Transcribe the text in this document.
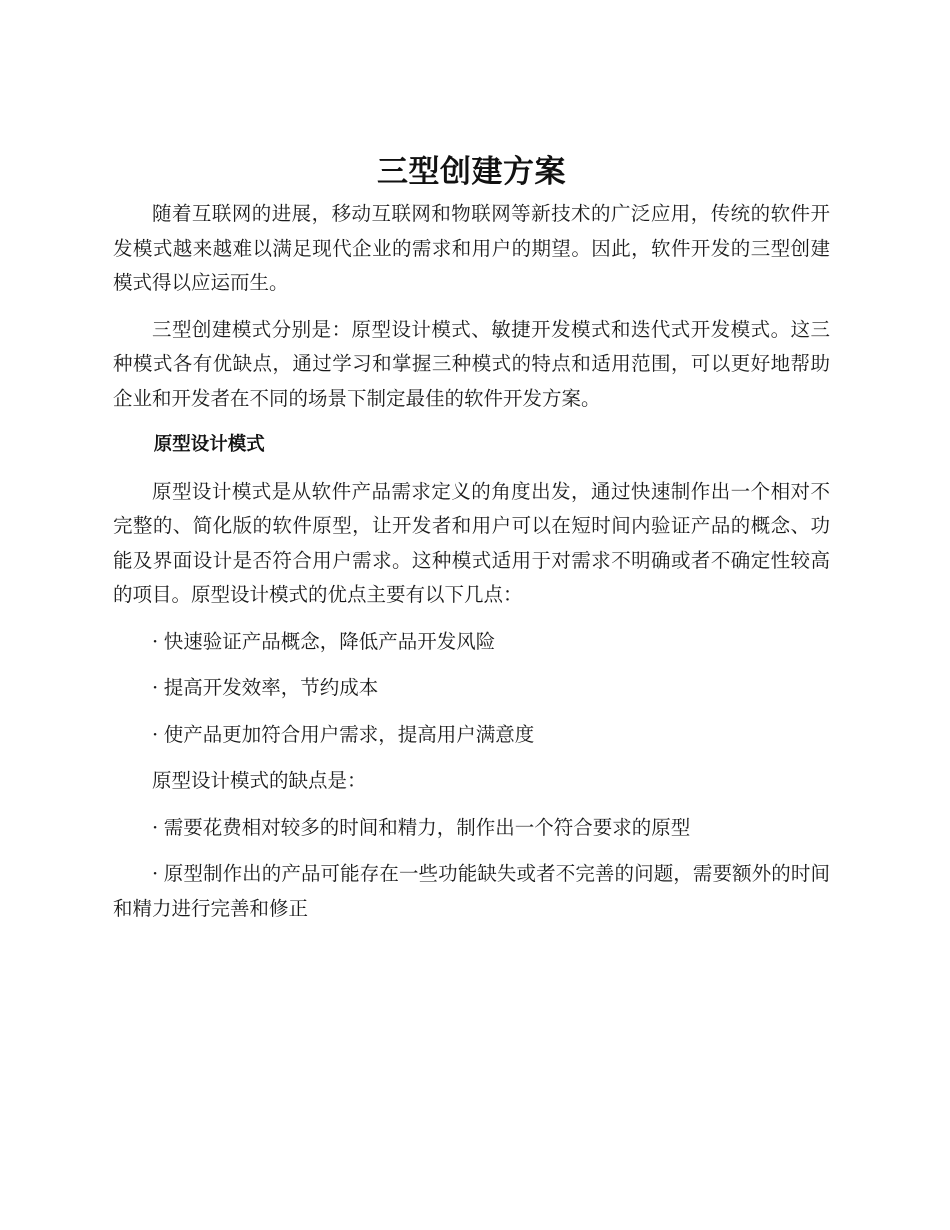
三型创建方案

随着互联网的进展，移动互联网和物联网等新技术的广泛应用，传统的软件开发模式越来越难以满足现代企业的需求和用户的期望。因此，软件开发的三型创建模式得以应运而生。

三型创建模式分别是：原型设计模式、敏捷开发模式和迭代式开发模式。这三种模式各有优缺点，通过学习和掌握三种模式的特点和适用范围，可以更好地帮助企业和开发者在不同的场景下制定最佳的软件开发方案。

原型设计模式

原型设计模式是从软件产品需求定义的角度出发，通过快速制作出一个相对不完整的、简化版的软件原型，让开发者和用户可以在短时间内验证产品的概念、功能及界面设计是否符合用户需求。这种模式适用于对需求不明确或者不确定性较高的项目。原型设计模式的优点主要有以下几点：

· 快速验证产品概念，降低产品开发风险

· 提高开发效率，节约成本

· 使产品更加符合用户需求，提高用户满意度

原型设计模式的缺点是：

· 需要花费相对较多的时间和精力，制作出一个符合要求的原型

· 原型制作出的产品可能存在一些功能缺失或者不完善的问题，需要额外的时间和精力进行完善和修正
